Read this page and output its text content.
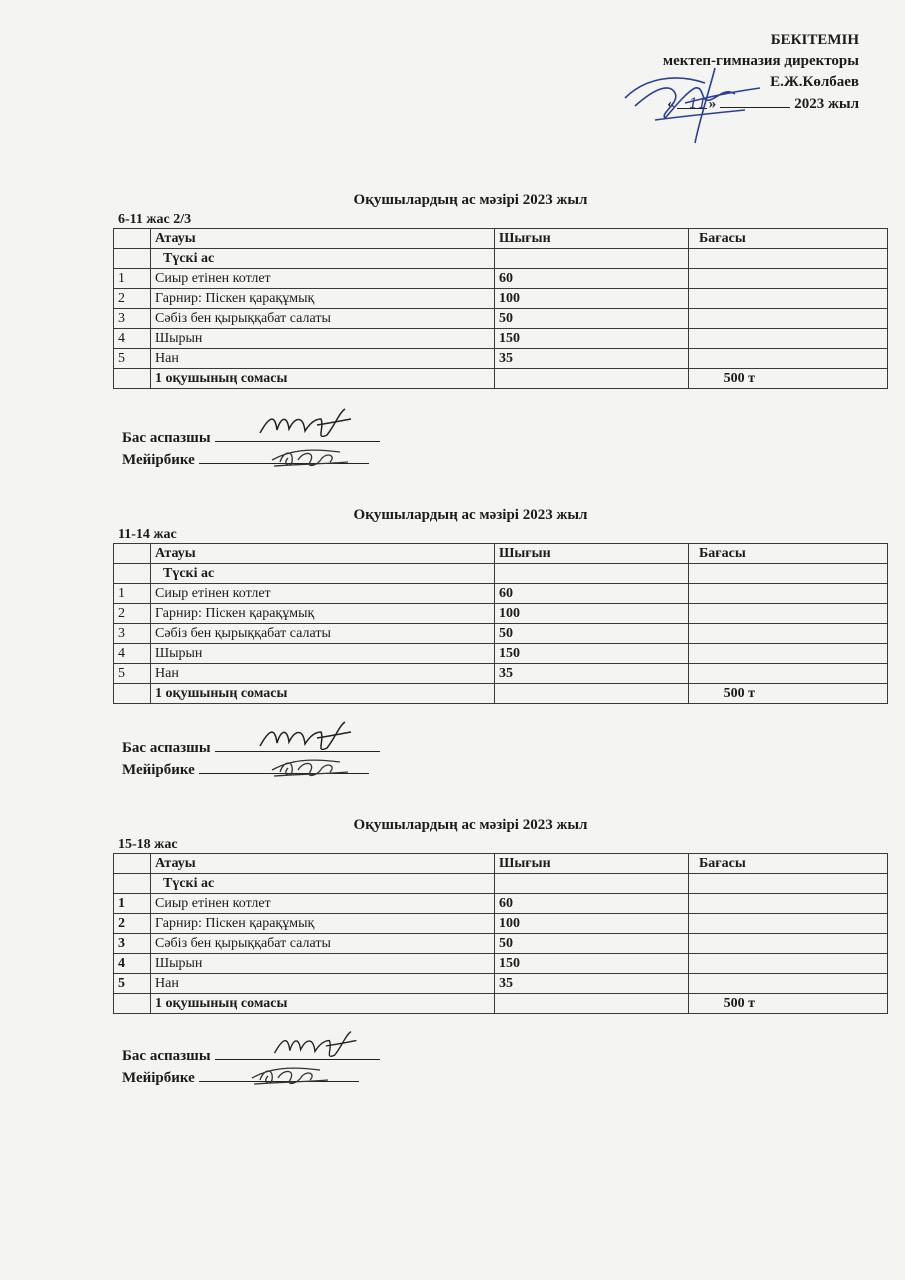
БЕКІТЕМІН
мектеп-гимназия директоры
Е.Ж.Көлбаев
« 11 »	2023 жыл
Оқушылардың ас мәзірі 2023 жыл
6-11 жас 2/3
	Атауы	Шығын	Бағасы
	Түскі ас		
1	Сиыр етінен котлет	60	
2	Гарнир: Піскен қарақұмық	100	
3	Сәбіз бен қырыққабат салаты	50	
4	Шырын	150	
5	Нан	35	
	1 оқушының сомасы		500 т
Бас аспазшы
Мейірбике
Оқушылардың ас мәзірі 2023 жыл
11-14 жас
	Атауы	Шығын	Бағасы
	Түскі ас		
1	Сиыр етінен котлет	60	
2	Гарнир: Піскен қарақұмық	100	
3	Сәбіз бен қырыққабат салаты	50	
4	Шырын	150	
5	Нан	35	
	1 оқушының сомасы		500 т
Бас аспазшы
Мейірбике
Оқушылардың ас мәзірі 2023 жыл
15-18 жас
	Атауы	Шығын	Бағасы
	Түскі ас		
1	Сиыр етінен котлет	60	
2	Гарнир: Піскен қарақұмық	100	
3	Сәбіз бен қырыққабат салаты	50	
4	Шырын	150	
5	Нан	35	
	1 оқушының сомасы		500 т
Бас аспазшы
Мейірбике
